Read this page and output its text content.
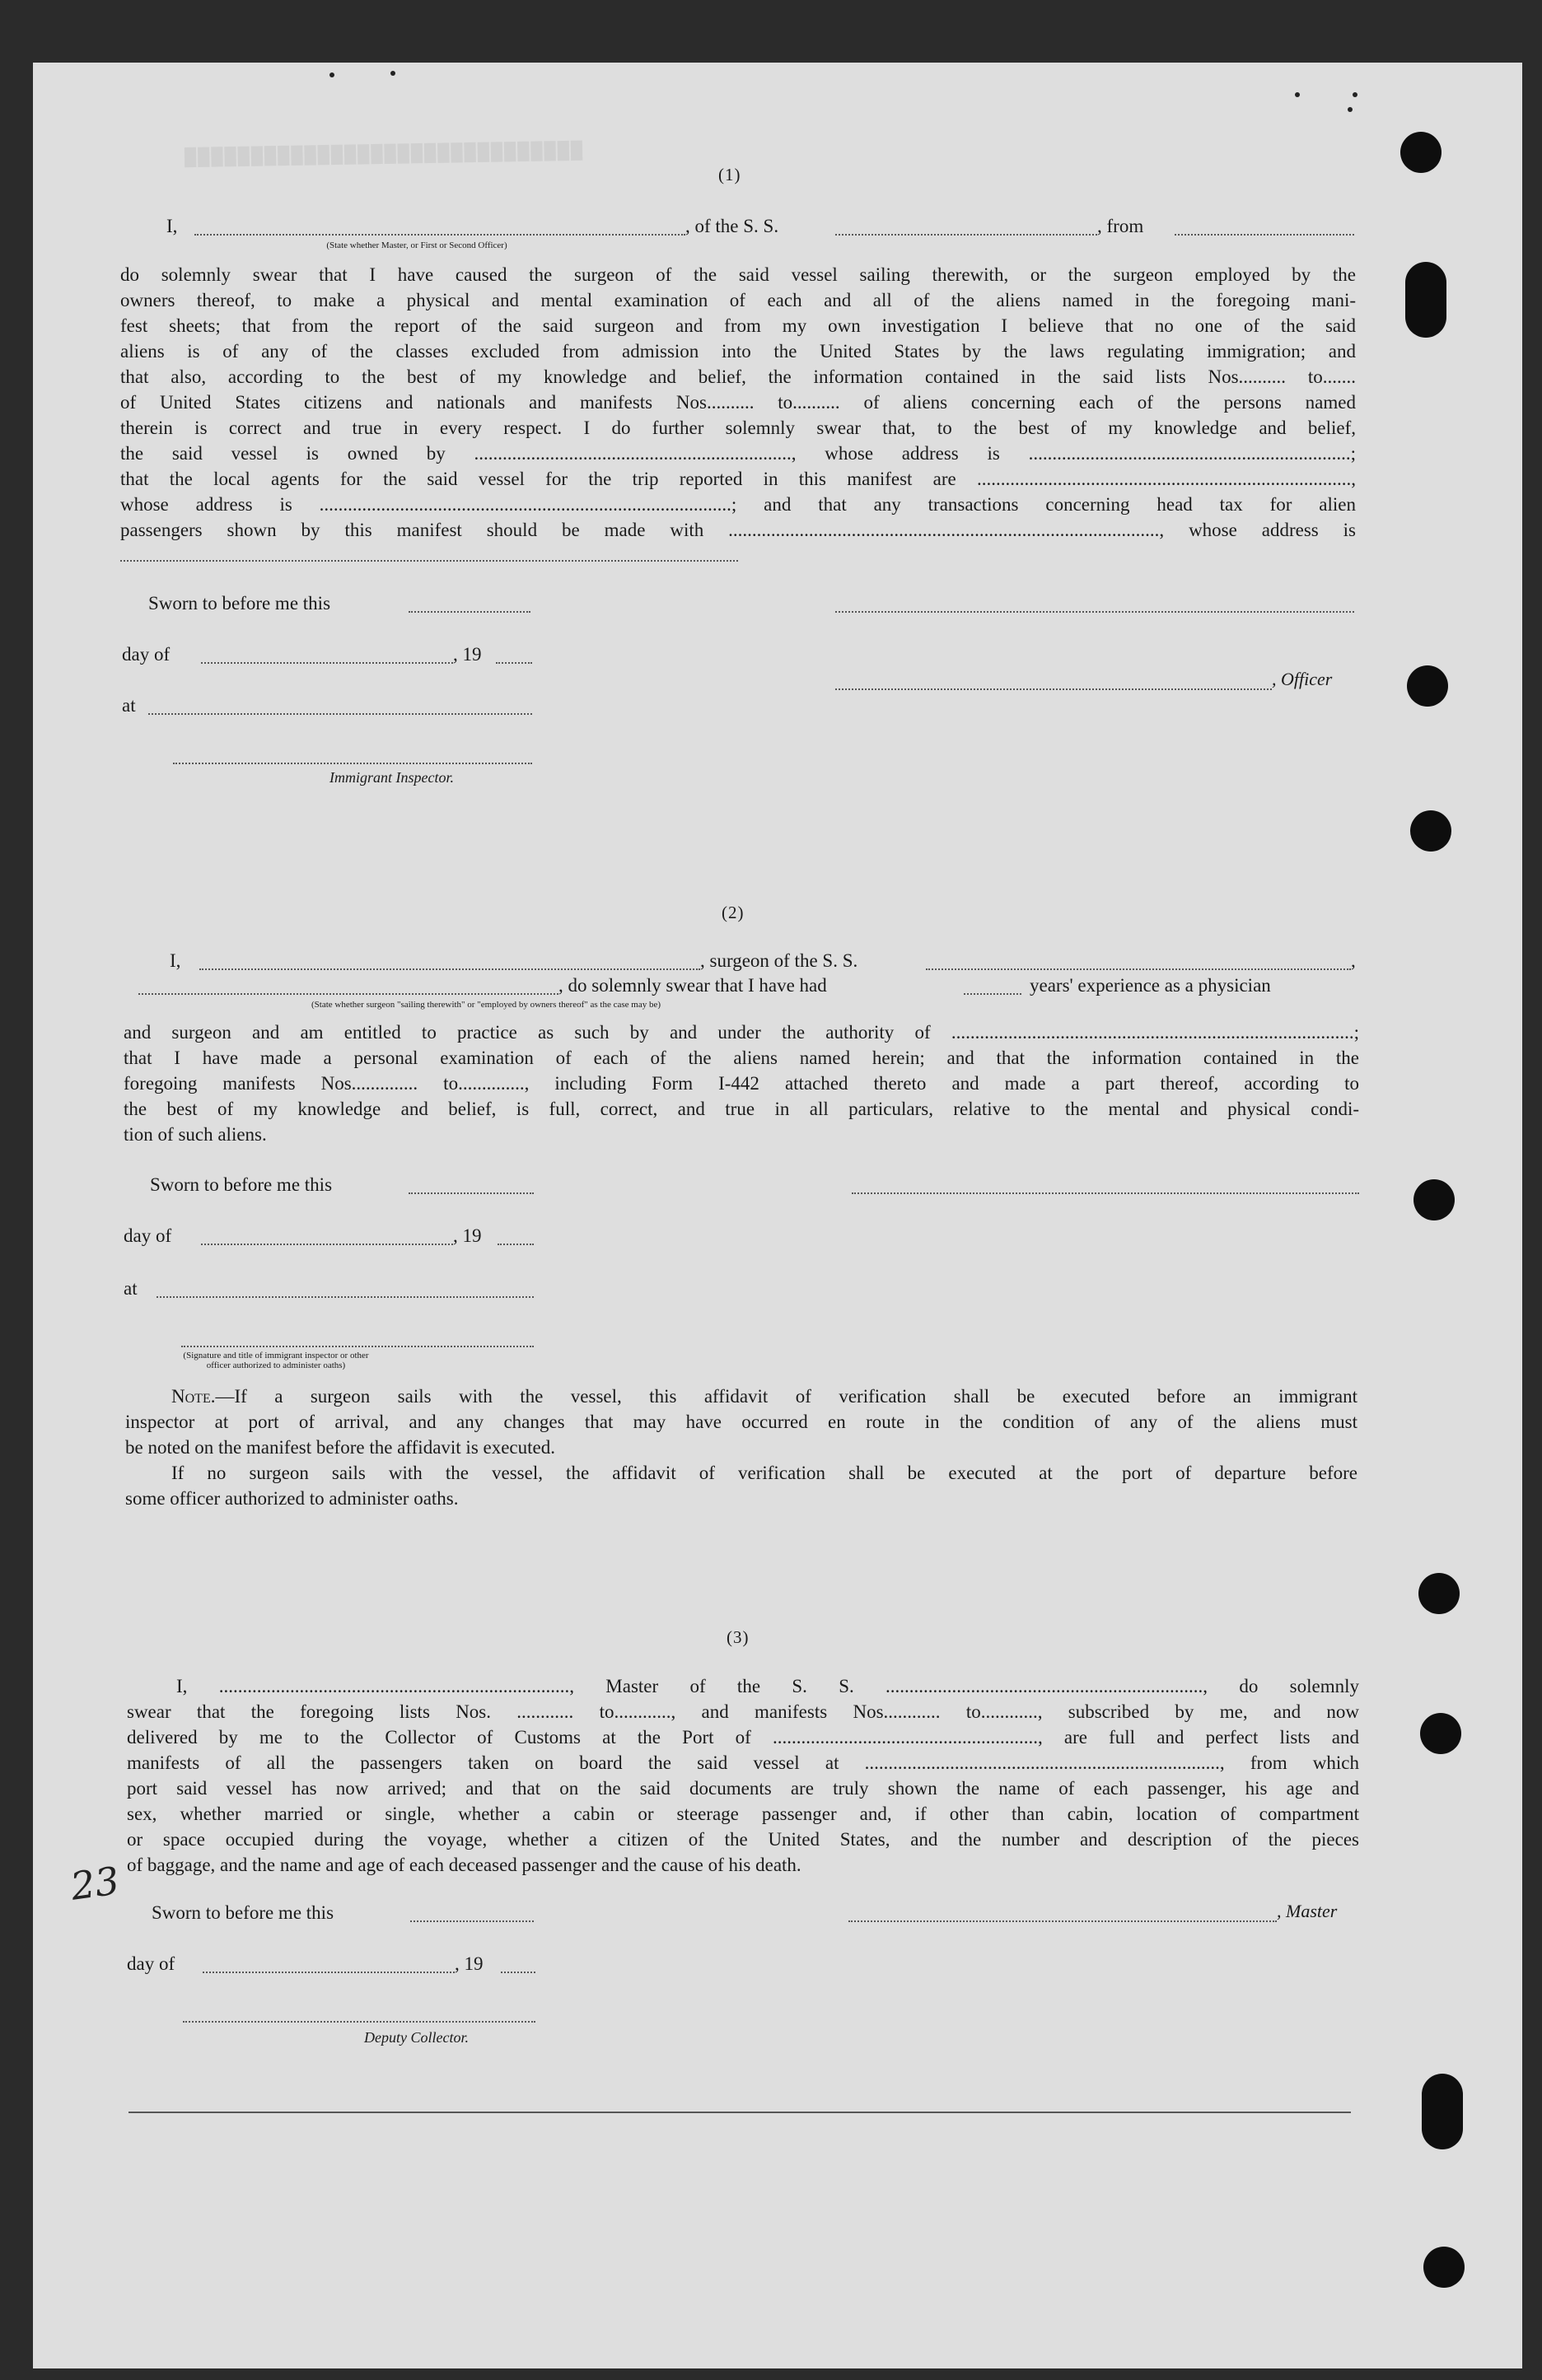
██████████████████████████████
(1)
I,	, of the S. S.	, from
(State whether Master, or First or Second Officer)
do solemnly swear that I have caused the surgeon of the said vessel sailing therewith, or the surgeon employed by the
owners thereof, to make a physical and mental examination of each and all of the aliens named in the foregoing mani-
fest sheets; that from the report of the said surgeon and from my own investigation I believe that no one of the said
aliens is of any of the classes excluded from admission into the United States by the laws regulating immigration; and
that also, according to the best of my knowledge and belief, the information contained in the said lists Nos.......... to.......
of United States citizens and nationals and manifests Nos.......... to.......... of aliens concerning each of the persons named
therein is correct and true in every respect. I do further solemnly swear that, to the best of my knowledge and belief,
the said vessel is owned by ..................................................................., whose address is ....................................................................;
that the local agents for the said vessel for the trip reported in this manifest are ...............................................................................,
whose address is .......................................................................................; and that any transactions concerning head tax for alien
passengers shown by this manifest should be made with ..........................................................................................., whose address is
Sworn to before me this
day of	, 19
, Officer
at
Immigrant Inspector.
(2)
I,	, surgeon of the S. S.	,
, do solemnly swear that I have had	years' experience as a physician
(State whether surgeon "sailing therewith" or "employed by owners thereof" as the case may be)
and surgeon and am entitled to practice as such by and under the authority of .....................................................................................;
that I have made a personal examination of each of the aliens named herein; and that the information contained in the
foregoing manifests Nos.............. to.............., including Form I-442 attached thereto and made a part thereof, according to
the best of my knowledge and belief, is full, correct, and true in all particulars, relative to the mental and physical condi-
tion of such aliens.
Sworn to before me this
day of	, 19
at
(Signature and title of immigrant inspector or other officer authorized to administer oaths)
Note.—If a surgeon sails with the vessel, this affidavit of verification shall be executed before an immigrant
inspector at port of arrival, and any changes that may have occurred en route in the condition of any of the aliens must
be noted on the manifest before the affidavit is executed.
If no surgeon sails with the vessel, the affidavit of verification shall be executed at the port of departure before
some officer authorized to administer oaths.
(3)
I, .........................................................................., Master of the S. S. ..................................................................., do solemnly
swear that the foregoing lists Nos. ............ to............, and manifests Nos............ to............, subscribed by me, and now
delivered by me to the Collector of Customs at the Port of ........................................................, are full and perfect lists and
manifests of all the passengers taken on board the said vessel at ..........................................................................., from which
port said vessel has now arrived; and that on the said documents are truly shown the name of each passenger, his age and
sex, whether married or single, whether a cabin or steerage passenger and, if other than cabin, location of compartment
or space occupied during the voyage, whether a citizen of the United States, and the number and description of the pieces
of baggage, and the name and age of each deceased passenger and the cause of his death.
23
Sworn to before me this	, Master
day of	, 19
Deputy Collector.
